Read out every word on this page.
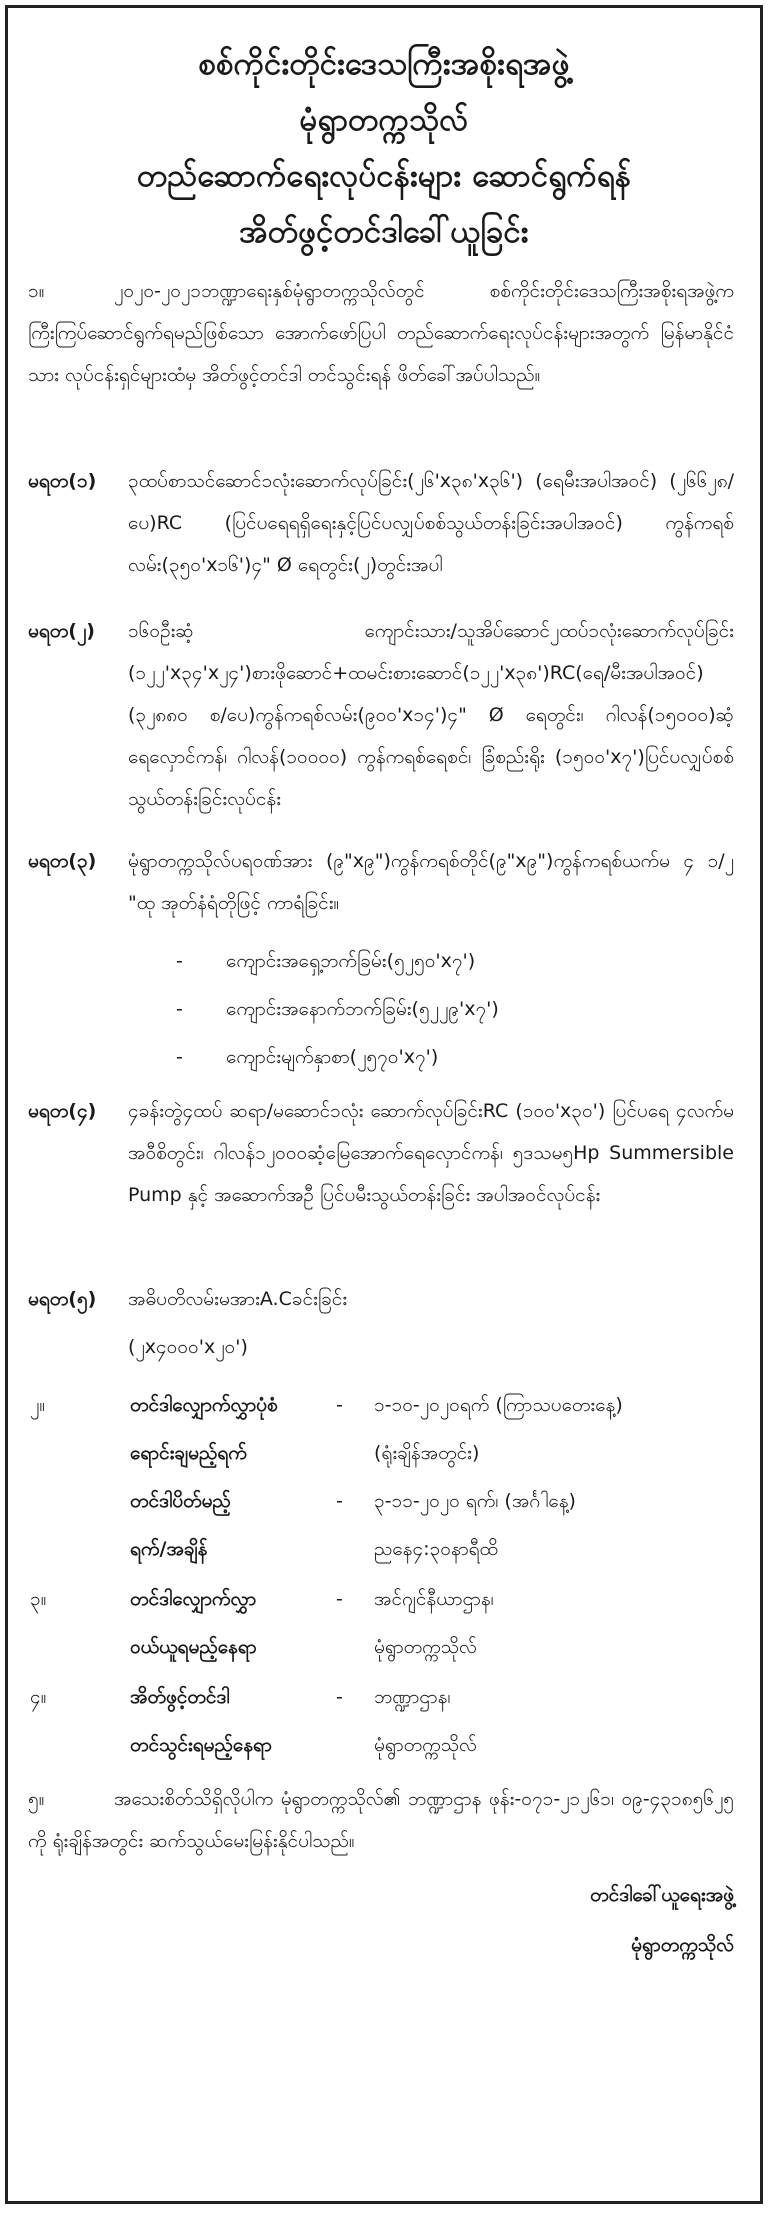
စစ်ကိုင်းတိုင်းဒေသကြီးအစိုးရအဖွဲ့
မုံရွာတက္ကသိုလ်
တည်ဆောက်ရေးလုပ်ငန်းများ ဆောင်ရွက်ရန်
အိတ်ဖွင့်တင်ဒါခေါ်ယူခြင်း
၁။	၂၀၂၀-၂၀၂၁ဘဏ္ဍာရေးနှစ်မုံရွာတက္ကသိုလ်တွင် စစ်ကိုင်းတိုင်းဒေသကြီးအစိုးရအဖွဲ့က ကြီးကြပ်ဆောင်ရွက်ရမည်ဖြစ်သော အောက်ဖော်ပြပါ တည်ဆောက်ရေးလုပ်ငန်းများအတွက် မြန်မာနိုင်ငံသား လုပ်ငန်းရှင်များထံမှ အိတ်ဖွင့်တင်ဒါ တင်သွင်းရန် ဖိတ်ခေါ်အပ်ပါသည်။
မရတ(၁) ၃ထပ်စာသင်ဆောင်၁လုံးဆောက်လုပ်ခြင်း(၂၆'x၃၈'x၃၆') (ရေမီးအပါအဝင်) (၂၆၆၂၈/ပေ)RC (ပြင်ပရေရရှိရေးနှင့်ပြင်ပလျှပ်စစ်သွယ်တန်းခြင်းအပါအဝင်) ကွန်ကရစ်လမ်း(၃၅၀'x၁၆')၄" Ø ရေတွင်း(၂)တွင်းအပါ
မရတ(၂) ၁၆၀ဦးဆံ့ ကျောင်းသား/သူအိပ်ဆောင်၂ထပ်၁လုံးဆောက်လုပ်ခြင်း (၁၂၂'x၃၄'x၂၄')စားဖိုဆောင်+ထမင်းစားဆောင်(၁၂၂'x၃၈')RC(ရေ/မီးအပါအဝင်)(၃၂၈၈၀ စ/ပေ)ကွန်ကရစ်လမ်း(၉၀၀'x၁၄')၄" Ø ရေတွင်း၊ ဂါလန်(၁၅၀၀၀)ဆံ့ ရေလှောင်ကန်၊ ဂါလန်(၁၀၀၀၀) ကွန်ကရစ်ရေစင်၊ ခြံစည်းရိုး (၁၅၀၀'x၇')ပြင်ပလျှပ်စစ် သွယ်တန်းခြင်းလုပ်ငန်း
မရတ(၃) မုံရွာတက္ကသိုလ်ပရဝဏ်အား (၉"x၉")ကွန်ကရစ်တိုင်(၉"x၉")ကွန်ကရစ်ယက်မ ၄ ၁/၂ "ထု အုတ်နံရံတိုဖြင့် ကာရံခြင်း။
- ကျောင်းအရှေ့ဘက်ခြမ်း(၅၂၅၀'x၇')
- ကျောင်းအနောက်ဘက်ခြမ်း(၅၂၂၉'x၇')
- ကျောင်းမျက်နှာစာ(၂၅၇၀'x၇')
မရတ(၄) ၄ခန်းတွဲ၄ထပ် ဆရာ/မဆောင်၁လုံး ဆောက်လုပ်ခြင်းRC (၁၀၀'x၃၀') ပြင်ပရေ ၄လက်မအဝီစိတွင်း၊ ဂါလန်၁၂၀၀၀ဆံ့မြေအောက်ရေလှောင်ကန်၊ ၅ဒသမ၅Hp Summersible Pump နှင့် အဆောက်အဦ ပြင်ပမီးသွယ်တန်းခြင်း အပါအဝင်လုပ်ငန်း
မရတ(၅) အဓိပတိလမ်းမအားA.Cခင်းခြင်း
(၂x၄၀၀၀'x၂၀')
၂။	တင်ဒါလျှောက်လွှာပုံစံ	- ၁-၁၀-၂၀၂၀ရက် (ကြာသပတေးနေ့)
ရောင်းချမည့်ရက်	(ရုံးချိန်အတွင်း)
တင်ဒါပိတ်မည့်	- ၃-၁၁-၂၀၂၀ ရက်၊ (အင်္ဂါနေ့)
ရက်/အချိန်	ညနေ၄:၃၀နာရီထိ
၃။	တင်ဒါလျှောက်လွှာ	- အင်ဂျင်နီယာဌာန၊
ဝယ်ယူရမည့်နေရာ	မုံရွာတက္ကသိုလ်
၄။	အိတ်ဖွင့်တင်ဒါ	- ဘဏ္ဍာဌာန၊
တင်သွင်းရမည့်နေရာ	မုံရွာတက္ကသိုလ်
၅။	အသေးစိတ်သိရှိလိုပါက မုံရွာတက္ကသိုလ်၏ ဘဏ္ဍာဌာန ဖုန်း-၀၇၁-၂၁၂၆၁၊ ၀၉-၄၃၁၈၅၆၂၅ ကို ရုံးချိန်အတွင်း ဆက်သွယ်မေးမြန်းနိုင်ပါသည်။
တင်ဒါခေါ်ယူရေးအဖွဲ့
မုံရွာတက္ကသိုလ်
